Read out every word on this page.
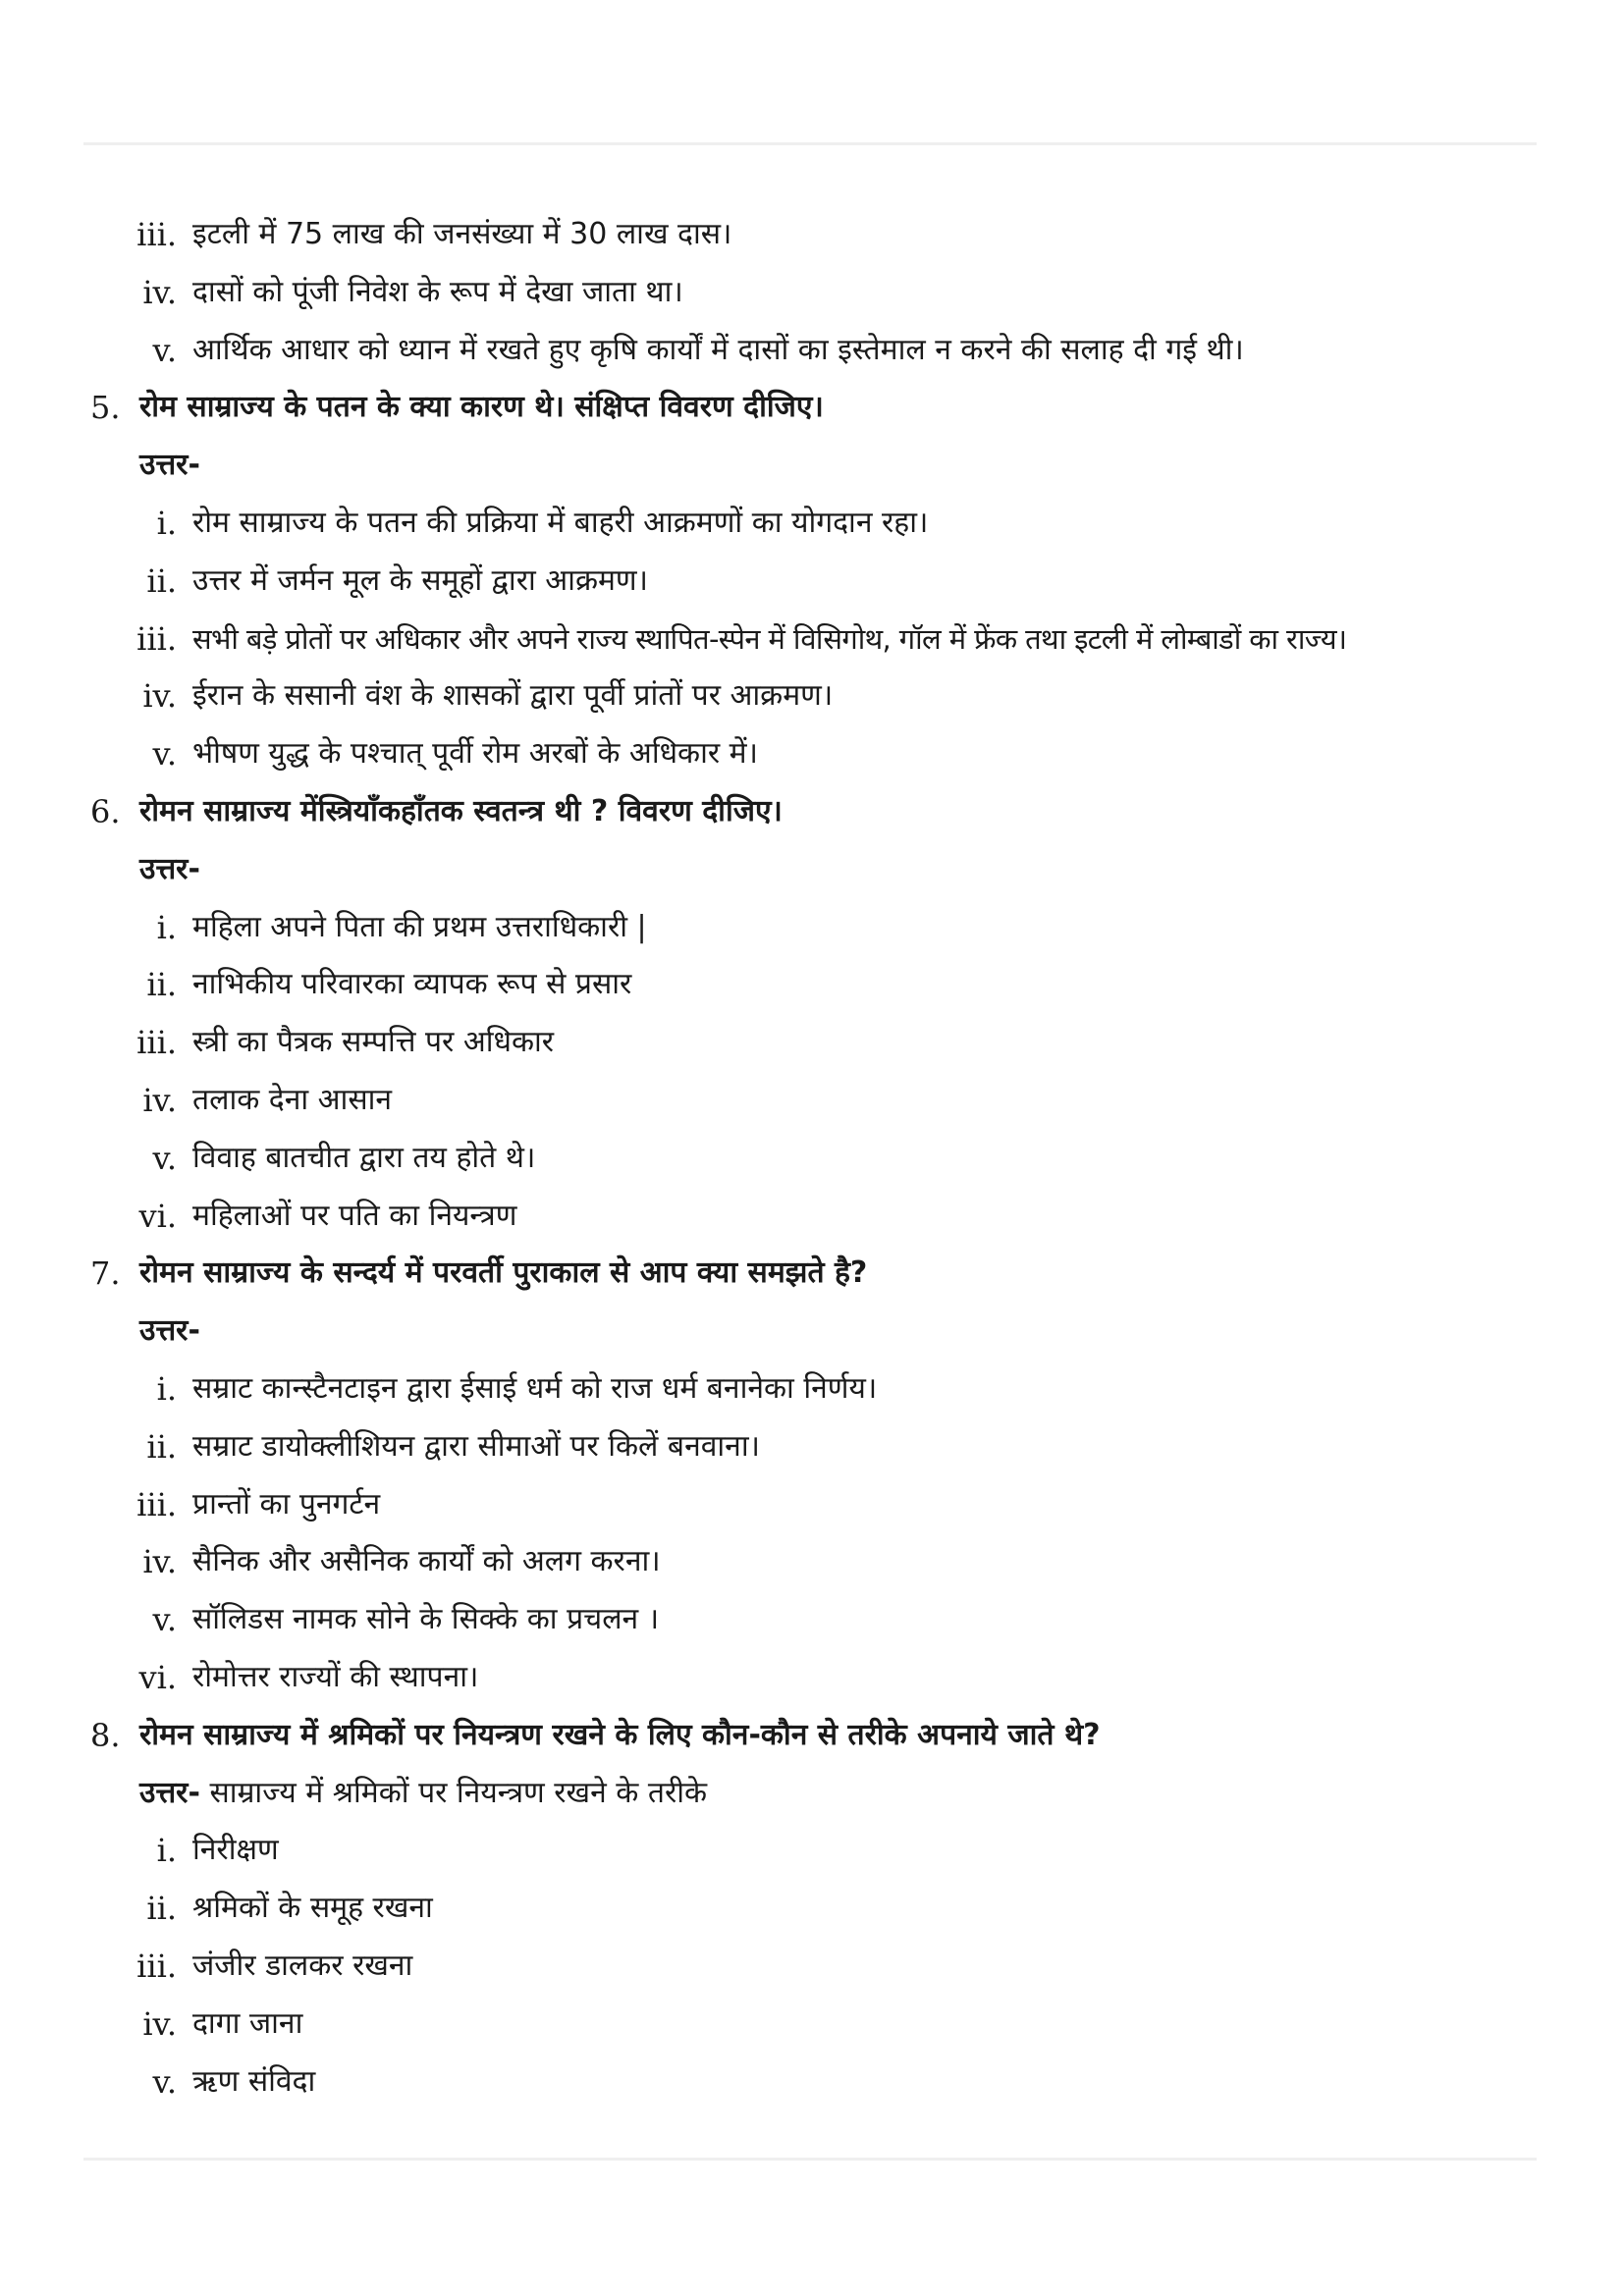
iii. इटली में 75 लाख की जनसंख्या में 30 लाख दास।
iv. दासों को पूंजी निवेश के रूप में देखा जाता था।
v. आर्थिक आधार को ध्यान में रखते हुए कृषि कार्यों में दासों का इस्तेमाल न करने की सलाह दी गई थी।
5. रोम साम्राज्य के पतन के क्या कारण थे। संक्षिप्त विवरण दीजिए।
उत्तर-
i. रोम साम्राज्य के पतन की प्रक्रिया में बाहरी आक्रमणों का योगदान रहा।
ii. उत्तर में जर्मन मूल के समूहों द्वारा आक्रमण।
iii. सभी बड़े प्रोतों पर अधिकार और अपने राज्य स्थापित-स्पेन में विसिगोथ, गॉल में फ्रेंक तथा इटली में लोम्बाडों का राज्य।
iv. ईरान के ससानी वंश के शासकों द्वारा पूर्वी प्रांतों पर आक्रमण।
v. भीषण युद्ध के पश्चात् पूर्वी रोम अरबों के अधिकार में।
6. रोमन साम्राज्य मेंस्त्रियाँकहाँतक स्वतन्त्र थी ? विवरण दीजिए।
उत्तर-
i. महिला अपने पिता की प्रथम उत्तराधिकारी |
ii. नाभिकीय परिवारका व्यापक रूप से प्रसार
iii. स्त्री का पैत्रक सम्पत्ति पर अधिकार
iv. तलाक देना आसान
v. विवाह बातचीत द्वारा तय होते थे।
vi. महिलाओं पर पति का नियन्त्रण
7. रोमन साम्राज्य के सन्दर्य में परवर्ती पुराकाल से आप क्या समझते है?
उत्तर-
i. सम्राट कान्स्टैनटाइन द्वारा ईसाई धर्म को राज धर्म बनानेका निर्णय।
ii. सम्राट डायोक्लीशियन द्वारा सीमाओं पर किलें बनवाना।
iii. प्रान्तों का पुनगर्टन
iv. सैनिक और असैनिक कार्यों को अलग करना।
v. सॉलिडस नामक सोने के सिक्के का प्रचलन ।
vi. रोमोत्तर राज्यों की स्थापना।
8. रोमन साम्राज्य में श्रमिकों पर नियन्त्रण रखने के लिए कौन-कौन से तरीके अपनाये जाते थे?
उत्तर- साम्राज्य में श्रमिकों पर नियन्त्रण रखने के तरीके
i. निरीक्षण
ii. श्रमिकों के समूह रखना
iii. जंजीर डालकर रखना
iv. दागा जाना
v. ऋण संविदा
